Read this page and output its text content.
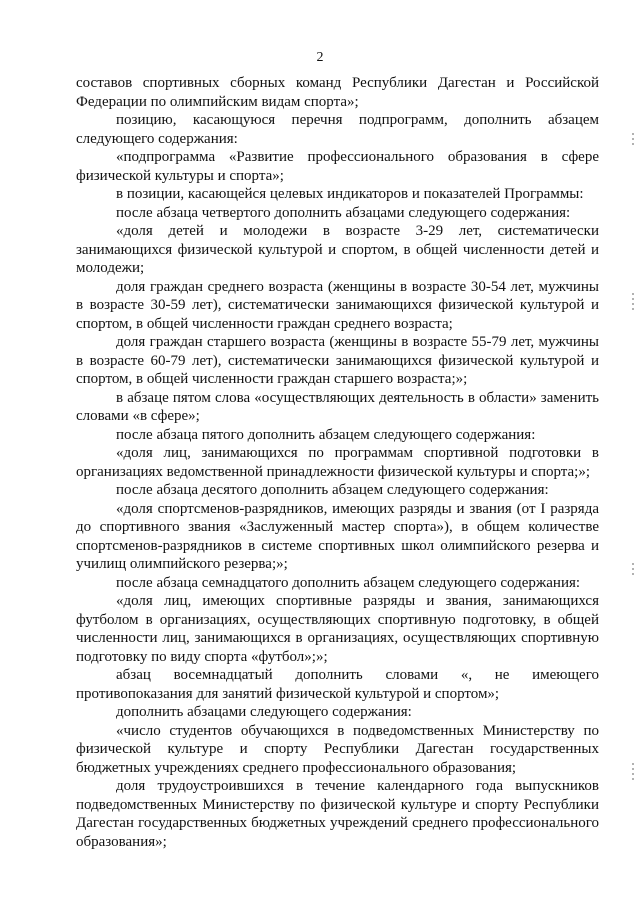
2

составов спортивных сборных команд Республики Дагестан и Российской Федерации по олимпийским видам спорта»;

позицию, касающуюся перечня подпрограмм, дополнить абзацем следующего содержания:

«подпрограмма «Развитие профессионального образования в сфере физической культуры и спорта»;

в позиции, касающейся целевых индикаторов и показателей Программы:

после абзаца четвертого дополнить абзацами следующего содержания:

«доля детей и молодежи в возрасте 3-29 лет, систематически занимающихся физической культурой и спортом, в общей численности детей и молодежи;

доля граждан среднего возраста (женщины в возрасте 30-54 лет, мужчины в возрасте 30-59 лет), систематически занимающихся физической культурой и спортом, в общей численности граждан среднего возраста;

доля граждан старшего возраста (женщины в возрасте 55-79 лет, мужчины в возрасте 60-79 лет), систематически занимающихся физической культурой и спортом, в общей численности граждан старшего возраста;»;

в абзаце пятом слова «осуществляющих деятельность в области» заменить словами «в сфере»;

после абзаца пятого дополнить абзацем следующего содержания:

«доля лиц, занимающихся по программам спортивной подготовки в организациях ведомственной принадлежности физической культуры и спорта;»;

после абзаца десятого дополнить абзацем следующего содержания:

«доля спортсменов-разрядников, имеющих разряды и звания (от I разряда до спортивного звания «Заслуженный мастер спорта»), в общем количестве спортсменов-разрядников в системе спортивных школ олимпийского резерва и училищ олимпийского резерва;»;

после абзаца семнадцатого дополнить абзацем следующего содержания:

«доля лиц, имеющих спортивные разряды и звания, занимающихся футболом в организациях, осуществляющих спортивную подготовку, в общей численности лиц, занимающихся в организациях, осуществляющих спортивную подготовку по виду спорта «футбол»;»;

абзац восемнадцатый дополнить словами «, не имеющего противопоказания для занятий физической культурой и спортом»;

дополнить абзацами следующего содержания:

«число студентов обучающихся в подведомственных Министерству по физической культуре и спорту Республики Дагестан государственных бюджетных учреждениях среднего профессионального образования;

доля трудоустроившихся в течение календарного года выпускников подведомственных Министерству по физической культуре и спорту Республики Дагестан государственных бюджетных учреждений среднего профессионального образования»;
